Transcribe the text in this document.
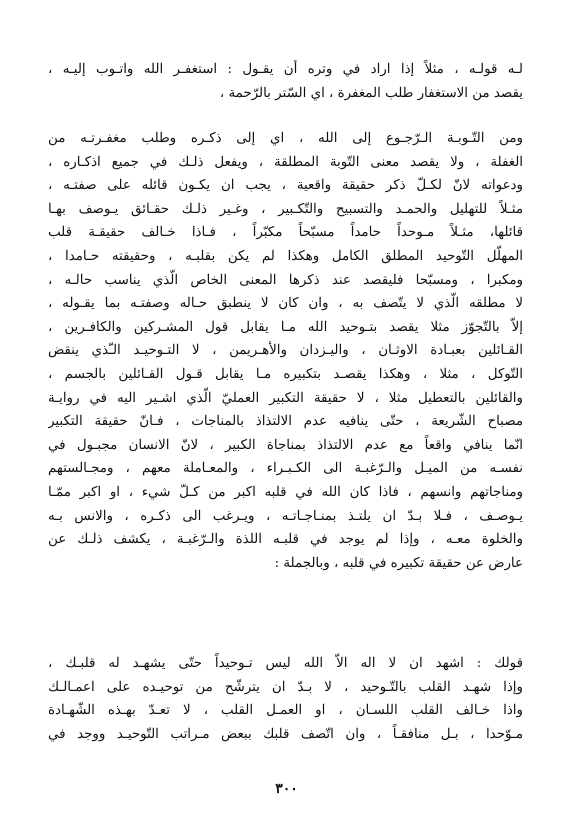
لـه قولـه ، مثلاً إذا اراد في وتره أن يقـول : استغفـر الله واتـوب إليـه ،
يقصد من الاستغفار طلب المغفرة ، اي السّتر بالرّحمة ،
ومن التّـوبـة الـرّجـوع إلى الله ، اي إلى ذكـره وطلب مغفـرتـه من
الغفلة ، ولا يقصد معنى التّوبة المطلقة ، ويفعل ذلـك في جميع اذكـاره ،
ودعواته لانّ لكـلّ ذكر حقيقة واقعية ، يجب ان يكـون قائله على صفتـه ،
مثـلاً للتهليل والحمـد والتسبيح والتّكـبير ، وغـير ذلـك حقـائق يـوصف بهـا
قائلها، مثـلاً مـوحداً حامداً مسبّحاً مكبّراً ، فـاذا خـالف حقيقـة قلب
المهلّل التّوحيد المطلق الكامل وهكذا لم يكن بقلبـه ، وحقيقته حـامدا ،
ومكبرا ، ومسبّحا فليقصد عند ذكرها المعنى الخاص الّذي يناسب حالـه ،
لا مطلقه الّذي لا يتّصف به ، وان كان لا ينطبق حـاله وصفتـه بما يقـوله ،
إلاّ بالتّجوّز مثلا يقصد بتـوحيد الله مـا يقابل قول المشـركين والكافـرين ،
القـائلين بعبـادة الاوثـان ، واليـزدان والأهـريمن ، لا التـوحيـد الـّذي ينقض
التّوكل ، مثلا ، وهكذا يقصـد بتكبيره مـا يقابل قـول القـائلين بالجسم ،
والقائلين بالتعطيل مثلا ، لا حقيقة التكبير العمليّ الّذي اشـير اليه في روايـة
مصباح الشّريعة ، حتّى ينافيه عدم الالتذاذ بالمناجات ، فـانّ حقيقة التكبير
انّما ينافي واقعاً مع عدم الالتذاذ بمناجاة الكبير ، لانّ الانسان مجبـول في
نفسـه من الميـل والـرّغبـة الى الكـبـراء ، والمعـاملة معهم ، ومجـالستهم
ومناجاتهم وانسهم ، فاذا كان الله في قلبه اكبر من كـلّ شيء ، او اكبر ممّـا
يـوصـف ، فـلا بـدّ ان يلتـذ بمنـاجـاتـه ، ويـرغب الى ذكـره ، والانس بـه
والخلوة معـه ، وإذا لم يوجد في قلبـه اللذة والـرّغبـة ، يكشف ذلـك عن
عارض عن حقيقة تكبيره في قلبه ، وبالجملة :
قولك : اشهد ان لا اله الاّ الله ليس تـوحيداً حتّى يشهـد له قلبـك ،
وإذا شهـد القلب بالتّـوحيد ، لا بـدّ ان يترشّح من توحيـده على اعمـالـك
واذا خـالف القلب اللسـان ، او العمـل القلب ، لا تعـدّ بهـذه الشّهـادة
مـوّحدا ، بـل منافقـاً ، وان اتّصف قلبك ببعض مـراتب التّوحيـد ووجد في
٣٠٠
